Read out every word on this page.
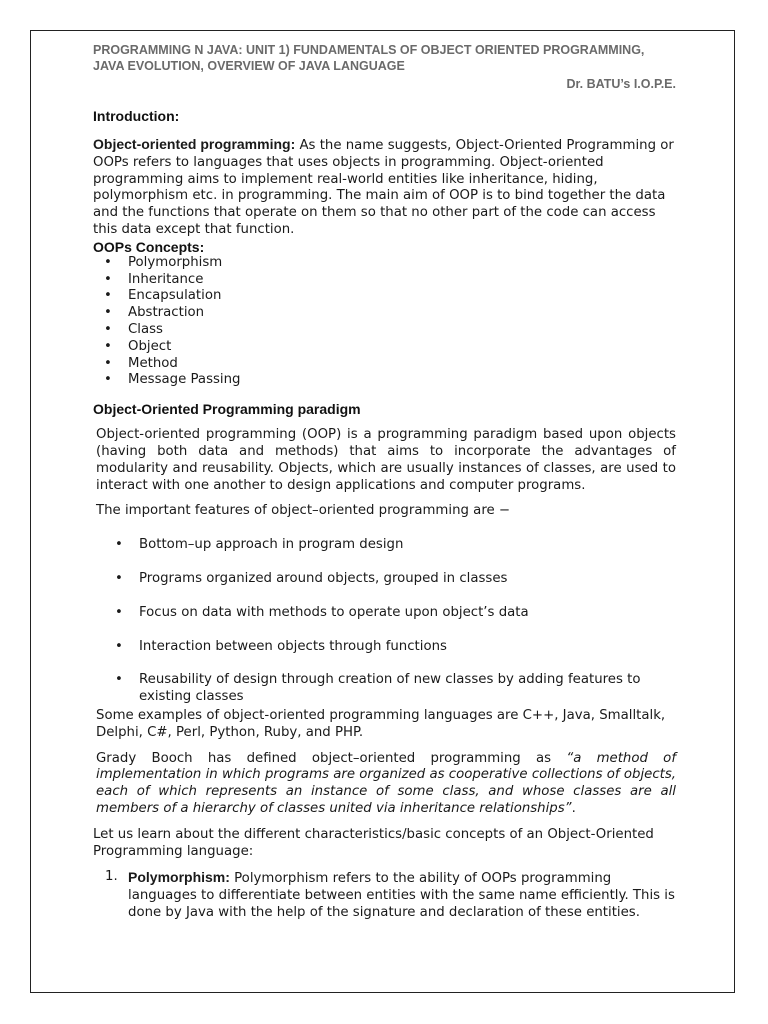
PROGRAMMING N JAVA: UNIT 1) FUNDAMENTALS OF OBJECT ORIENTED PROGRAMMING,
JAVA EVOLUTION, OVERVIEW OF JAVA LANGUAGE
Dr. BATU’s I.O.P.E.
Introduction:

Object-oriented programming: As the name suggests, Object-Oriented Programming or OOPs refers to languages that uses objects in programming. Object-oriented programming aims to implement real-world entities like inheritance, hiding, polymorphism etc. in programming. The main aim of OOP is to bind together the data and the functions that operate on them so that no other part of the code can access this data except that function.

OOPs Concepts:
• Polymorphism
• Inheritance
• Encapsulation
• Abstraction
• Class
• Object
• Method
• Message Passing
Object-Oriented Programming paradigm

Object-oriented programming (OOP) is a programming paradigm based upon objects (having both data and methods) that aims to incorporate the advantages of modularity and reusability. Objects, which are usually instances of classes, are used to interact with one another to design applications and computer programs.

The important features of object–oriented programming are −

• Bottom–up approach in program design
• Programs organized around objects, grouped in classes
• Focus on data with methods to operate upon object’s data
• Interaction between objects through functions
• Reusability of design through creation of new classes by adding features to existing classes

Some examples of object-oriented programming languages are C++, Java, Smalltalk, Delphi, C#, Perl, Python, Ruby, and PHP.

Grady Booch has defined object–oriented programming as “a method of implementation in which programs are organized as cooperative collections of objects, each of which represents an instance of some class, and whose classes are all members of a hierarchy of classes united via inheritance relationships”.

Let us learn about the different characteristics/basic concepts of an Object-Oriented Programming language:

1. Polymorphism: Polymorphism refers to the ability of OOPs programming languages to differentiate between entities with the same name efficiently. This is done by Java with the help of the signature and declaration of these entities.
